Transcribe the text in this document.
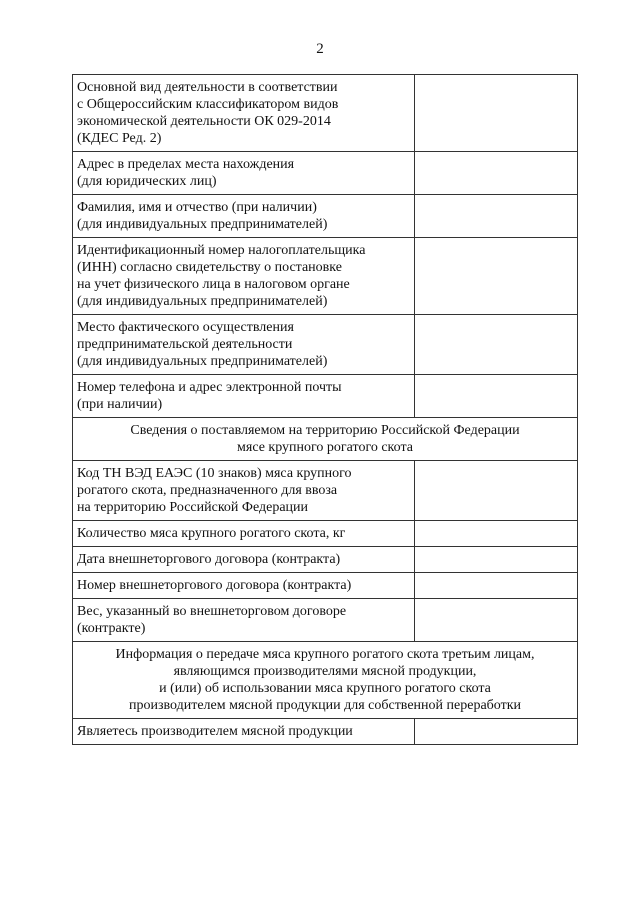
2
Основной вид деятельности в соответствии
с Общероссийским классификатором видов
экономической деятельности ОК 029-2014
(КДЕС Ред. 2)	
Адрес в пределах места нахождения
(для юридических лиц)	
Фамилия, имя и отчество (при наличии)
(для индивидуальных предпринимателей)	
Идентификационный номер налогоплательщика
(ИНН) согласно свидетельству о постановке
на учет физического лица в налоговом органе
(для индивидуальных предпринимателей)	
Место фактического осуществления
предпринимательской деятельности
(для индивидуальных предпринимателей)	
Номер телефона и адрес электронной почты
(при наличии)	
Сведения о поставляемом на территорию Российской Федерации
мясе крупного рогатого скота	
Код ТН ВЭД ЕАЭС (10 знаков) мяса крупного
рогатого скота, предназначенного для ввоза
на территорию Российской Федерации	
Количество мяса крупного рогатого скота, кг	
Дата внешнеторгового договора (контракта)	
Номер внешнеторгового договора (контракта)	
Вес, указанный во внешнеторговом договоре
(контракте)	
Информация о передаче мяса крупного рогатого скота третьим лицам,
являющимся производителями мясной продукции,
и (или) об использовании мяса крупного рогатого скота
производителем мясной продукции для собственной переработки	
Являетесь производителем мясной продукции	
